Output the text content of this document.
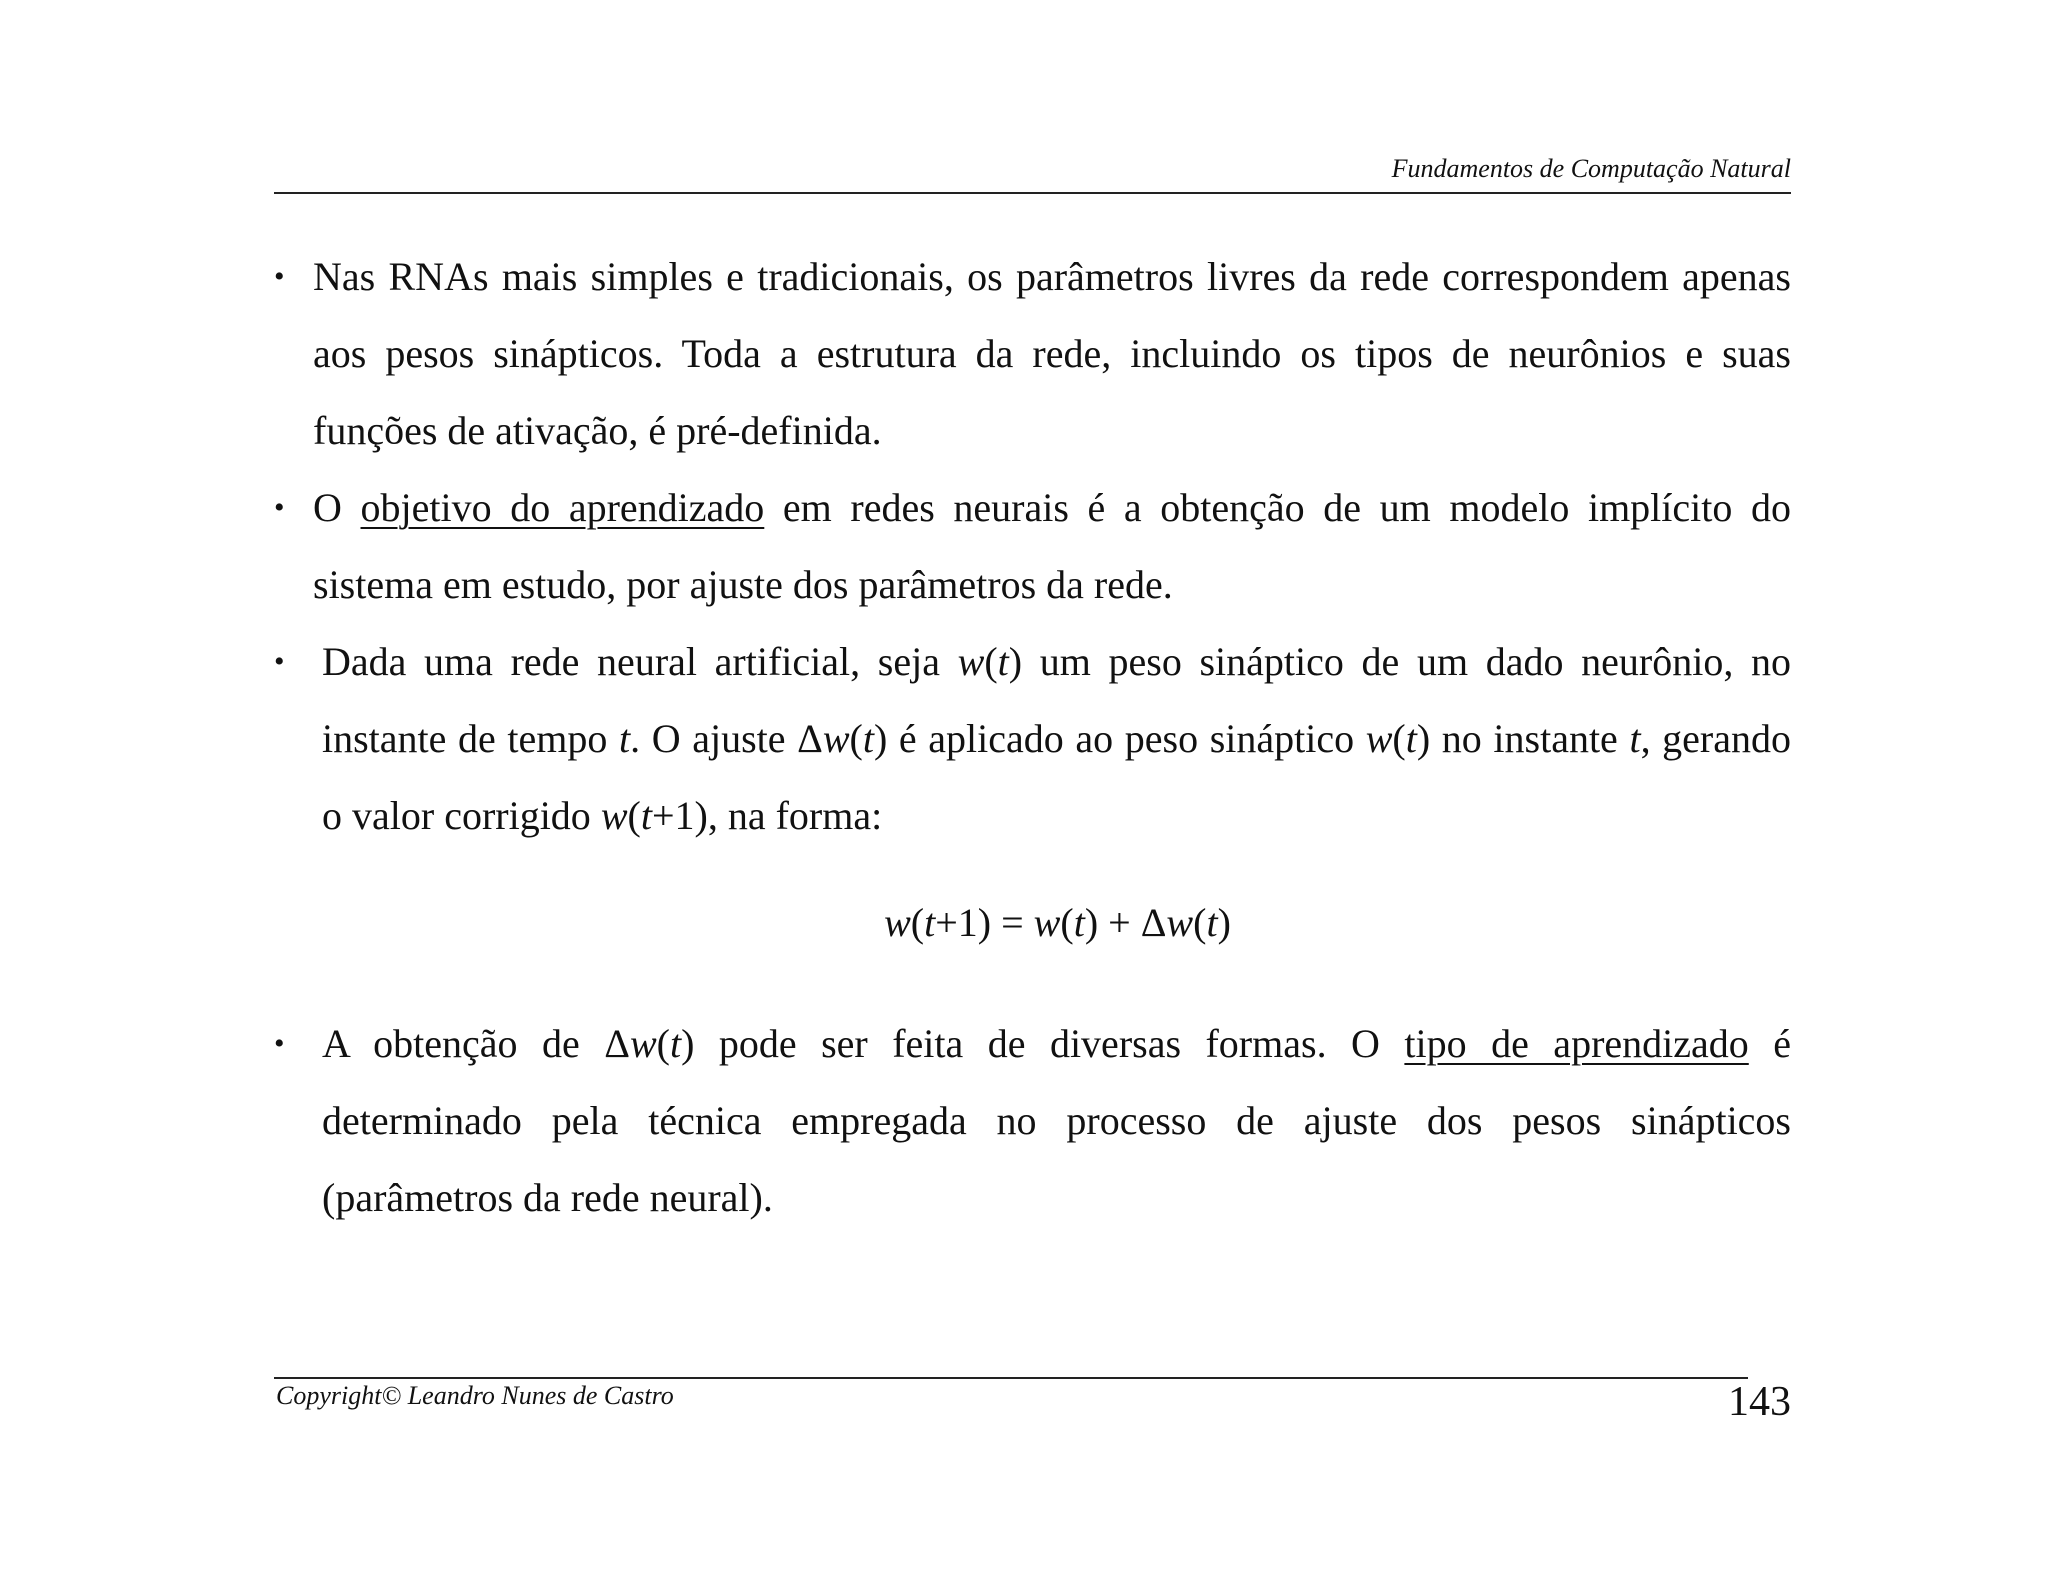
Fundamentos de Computação Natural
• Nas RNAs mais simples e tradicionais, os parâmetros livres da rede correspondem apenas aos pesos sinápticos. Toda a estrutura da rede, incluindo os tipos de neurônios e suas funções de ativação, é pré-definida.
• O objetivo do aprendizado em redes neurais é a obtenção de um modelo implícito do sistema em estudo, por ajuste dos parâmetros da rede.
• Dada uma rede neural artificial, seja w(t) um peso sináptico de um dado neurônio, no instante de tempo t. O ajuste Δw(t) é aplicado ao peso sináptico w(t) no instante t, gerando o valor corrigido w(t+1), na forma:
w(t+1) = w(t) + Δw(t)
• A obtenção de Δw(t) pode ser feita de diversas formas. O tipo de aprendizado é determinado pela técnica empregada no processo de ajuste dos pesos sinápticos (parâmetros da rede neural).
Copyright© Leandro Nunes de Castro	143
